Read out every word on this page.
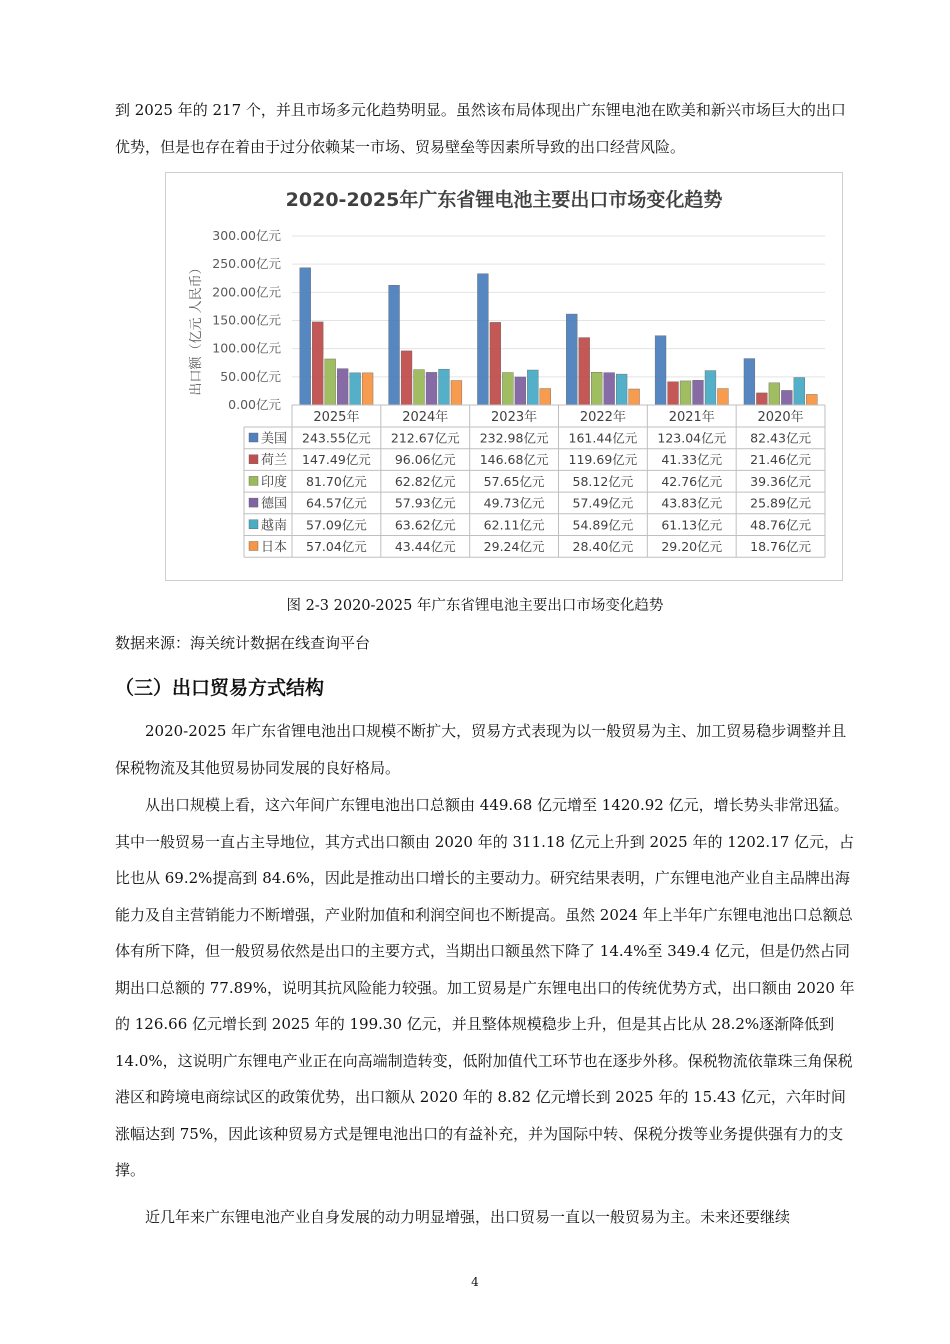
到 2025 年的 217 个，并且市场多元化趋势明显。虽然该布局体现出广东锂电池在欧美和新兴市场巨大的出口优势，但是也存在着由于过分依赖某一市场、贸易壁垒等因素所导致的出口经营风险。

2020-2025年广东省锂电池主要出口市场变化趋势
0.00亿元
50.00亿元
100.00亿元
150.00亿元
200.00亿元
250.00亿元
300.00亿元
出口额（亿元 人民币）
2025年	2024年	2023年	2022年	2021年	2020年
美国 243.55亿元 212.67亿元 232.98亿元 161.44亿元 123.04亿元 82.43亿元
荷兰 147.49亿元 96.06亿元 146.68亿元 119.69亿元 41.33亿元 21.46亿元
印度 81.70亿元 62.82亿元 57.65亿元 58.12亿元 42.76亿元 39.36亿元
德国 64.57亿元 57.93亿元 49.73亿元 57.49亿元 43.83亿元 25.89亿元
越南 57.09亿元 63.62亿元 62.11亿元 54.89亿元 61.13亿元 48.76亿元
日本 57.04亿元 43.44亿元 29.24亿元 28.40亿元 29.20亿元 18.76亿元
图 2-3 2020-2025 年广东省锂电池主要出口市场变化趋势
数据来源：海关统计数据在线查询平台
（三）出口贸易方式结构

2020-2025 年广东省锂电池出口规模不断扩大，贸易方式表现为以一般贸易为主、加工贸易稳步调整并且保税物流及其他贸易协同发展的良好格局。

从出口规模上看，这六年间广东锂电池出口总额由 449.68 亿元增至 1420.92 亿元，增长势头非常迅猛。其中一般贸易一直占主导地位，其方式出口额由 2020 年的 311.18 亿元上升到 2025 年的 1202.17 亿元，占比也从 69.2%提高到 84.6%，因此是推动出口增长的主要动力。研究结果表明，广东锂电池产业自主品牌出海能力及自主营销能力不断增强，产业附加值和利润空间也不断提高。虽然 2024 年上半年广东锂电池出口总额总体有所下降，但一般贸易依然是出口的主要方式，当期出口额虽然下降了 14.4%至 349.4 亿元，但是仍然占同期出口总额的 77.89%，说明其抗风险能力较强。加工贸易是广东锂电出口的传统优势方式，出口额由 2020 年的 126.66 亿元增长到 2025 年的 199.30 亿元，并且整体规模稳步上升，但是其占比从 28.2%逐渐降低到 14.0%，这说明广东锂电产业正在向高端制造转变，低附加值代工环节也在逐步外移。保税物流依靠珠三角保税港区和跨境电商综试区的政策优势，出口额从 2020 年的 8.82 亿元增长到 2025 年的 15.43 亿元，六年时间涨幅达到 75%，因此该种贸易方式是锂电池出口的有益补充，并为国际中转、保税分拨等业务提供强有力的支撑。

近几年来广东锂电池产业自身发展的动力明显增强，出口贸易一直以一般贸易为主。未来还要继续

4
